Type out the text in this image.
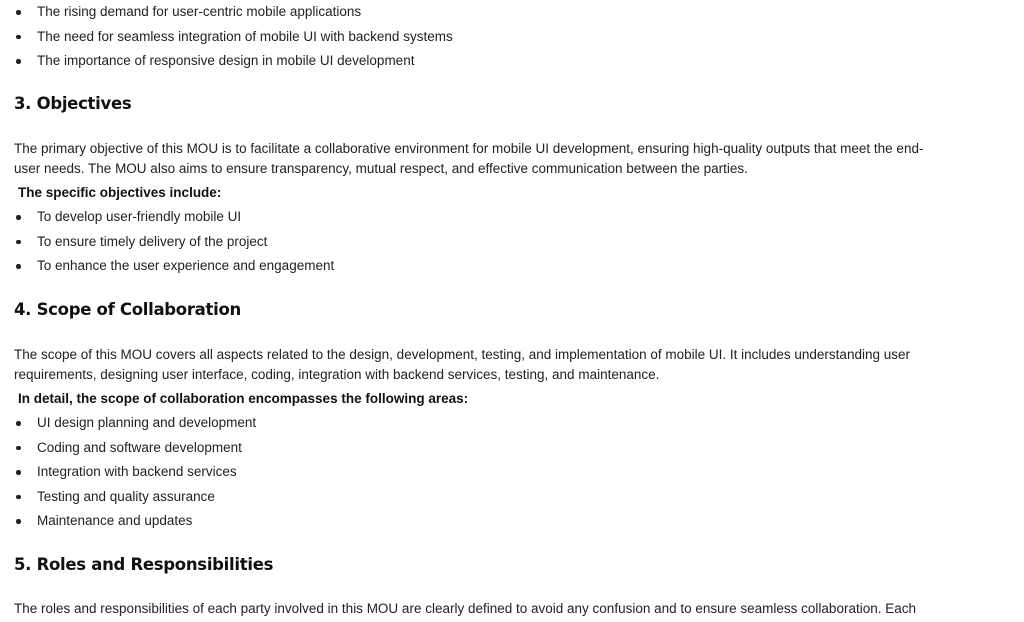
The rising demand for user-centric mobile applications
The need for seamless integration of mobile UI with backend systems
The importance of responsive design in mobile UI development
3. Objectives

The primary objective of this MOU is to facilitate a collaborative environment for mobile UI development, ensuring high-quality outputs that meet the end-user needs. The MOU also aims to ensure transparency, mutual respect, and effective communication between the parties.

The specific objectives include:

To develop user-friendly mobile UI
To ensure timely delivery of the project
To enhance the user experience and engagement
4. Scope of Collaboration

The scope of this MOU covers all aspects related to the design, development, testing, and implementation of mobile UI. It includes understanding user requirements, designing user interface, coding, integration with backend services, testing, and maintenance.

In detail, the scope of collaboration encompasses the following areas:

UI design planning and development
Coding and software development
Integration with backend services
Testing and quality assurance
Maintenance and updates
5. Roles and Responsibilities

The roles and responsibilities of each party involved in this MOU are clearly defined to avoid any confusion and to ensure seamless collaboration. Each
